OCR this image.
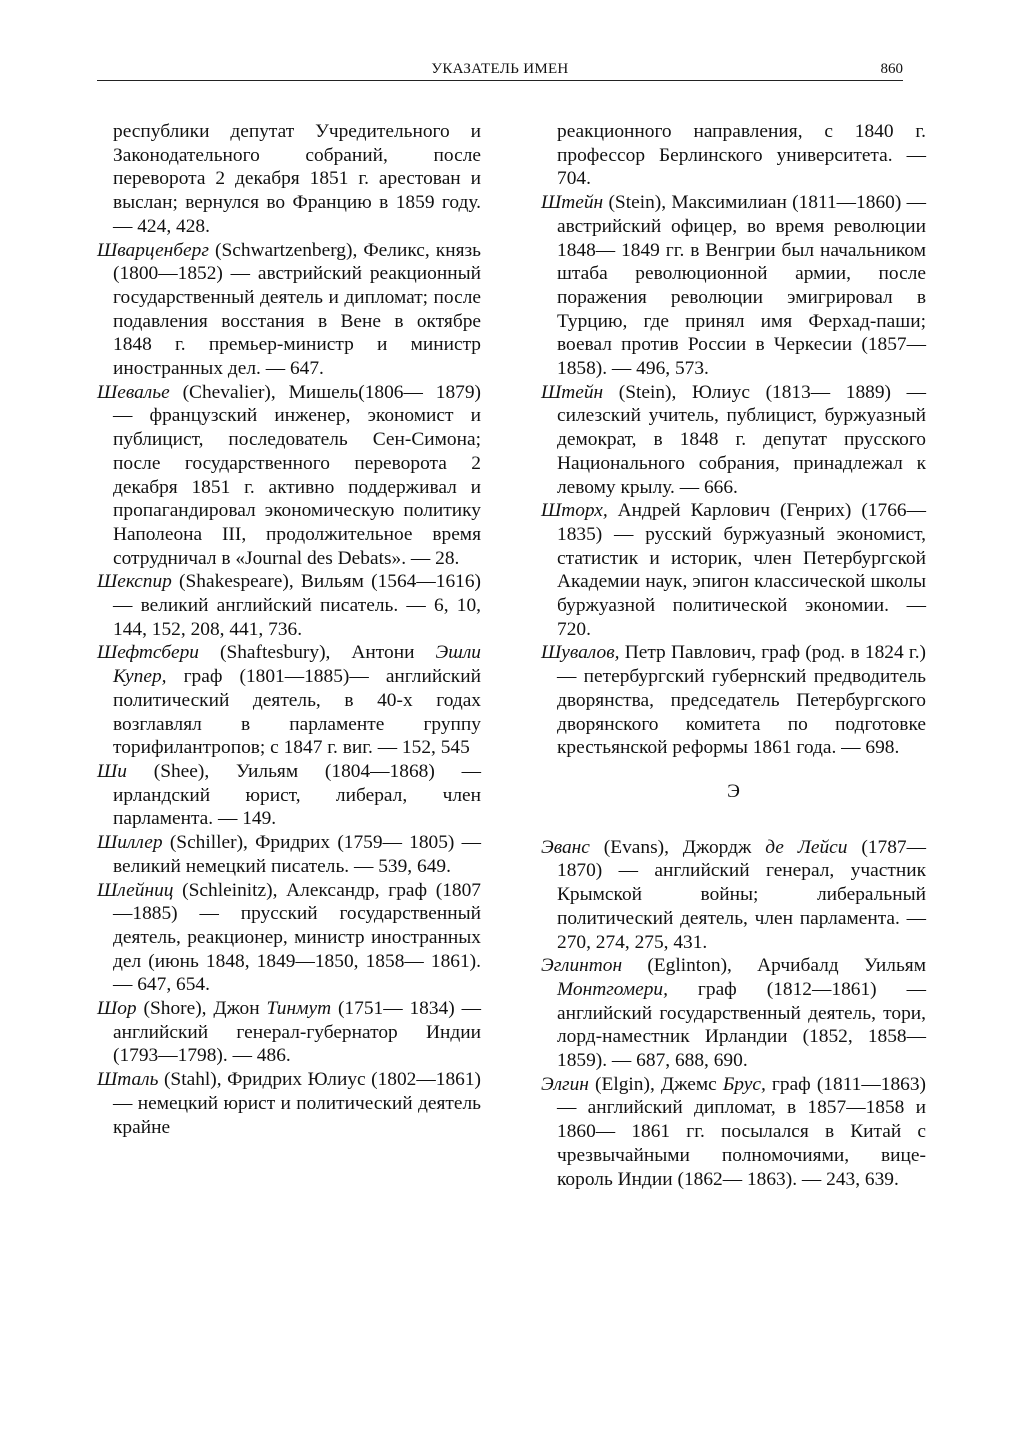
УКАЗАТЕЛЬ ИМЕН	860

республики депутат Учредительного и Законодательного собраний, после переворота 2 декабря 1851 г. арестован и выслан; вернулся во Францию в 1859 году. — 424, 428.

Шварценберг (Schwartzenberg), Феликс, князь (1800—1852) — австрийский реакционный государственный деятель и дипломат; после подавления восстания в Вене в октябре 1848 г. премьер-министр и министр иностранных дел. — 647.

Шевалье (Chevalier), Мишель(1806— 1879) — французский инженер, экономист и публицист, последователь Сен-Симона; после государственного переворота 2 декабря 1851 г. активно поддерживал и пропагандировал экономическую политику Наполеона III, продолжительное время сотрудничал в «Journal des Debats». — 28.

Шекспир (Shakespeare), Вильям (1564—1616) — великий английский писатель. — 6, 10, 144, 152, 208, 441, 736.

Шефтсбери (Shaftesbury), Антони Эшли Купер, граф (1801—1885)— английский политический деятель, в 40-х годах возглавлял в парламенте группу торифилантропов; с 1847 г. виг. — 152, 545

Ши (Shee), Уильям (1804—1868) — ирландский юрист, либерал, член парламента. — 149.

Шиллер (Schiller), Фридрих (1759— 1805) — великий немецкий писатель. — 539, 649.

Шлейниц (Schleinitz), Александр, граф (1807—1885) — прусский государственный деятель, реакционер, министр иностранных дел (июнь 1848, 1849—1850, 1858— 1861). — 647, 654.

Шор (Shore), Джон Тинмут (1751— 1834) — английский генерал-губернатор Индии (1793—1798). — 486.

Шталь (Stahl), Фридрих Юлиус (1802—1861) — немецкий юрист и политический деятель крайне

реакционного направления, с 1840 г. профессор Берлинского университета. — 704.

Штейн (Stein), Максимилиан (1811—1860) — австрийский офицер, во время революции 1848— 1849 гг. в Венгрии был начальником штаба революционной армии, после поражения революции эмигрировал в Турцию, где принял имя Ферхад-паши; воевал против России в Черкесии (1857— 1858). — 496, 573.

Штейн (Stein), Юлиус (1813— 1889) — силезский учитель, публицист, буржуазный демократ, в 1848 г. депутат прусского Национального собрания, принадлежал к левому крылу. — 666.

Шторх, Андрей Карлович (Генрих) (1766—1835) — русский буржуазный экономист, статистик и историк, член Петербургской Академии наук, эпигон классической школы буржуазной политической экономии. — 720.

Шувалов, Петр Павлович, граф (род. в 1824 г.) — петербургский губернский предводитель дворянства, председатель Петербургского дворянского комитета по подготовке крестьянской реформы 1861 года. — 698.

Э

Эванс (Evans), Джордж де Лейси (1787—1870) — английский генерал, участник Крымской войны; либеральный политический деятель, член парламента. — 270, 274, 275, 431.

Эглинтон (Eglinton), Арчибалд Уильям Монтгомери, граф (1812—1861) — английский государственный деятель, тори, лорд-наместник Ирландии (1852, 1858—1859). — 687, 688, 690.

Элгин (Elgin), Джемс Брус, граф (1811—1863) — английский дипломат, в 1857—1858 и 1860— 1861 гг. посылался в Китай с чрезвычайными полномочиями, вице-король Индии (1862— 1863). — 243, 639.
